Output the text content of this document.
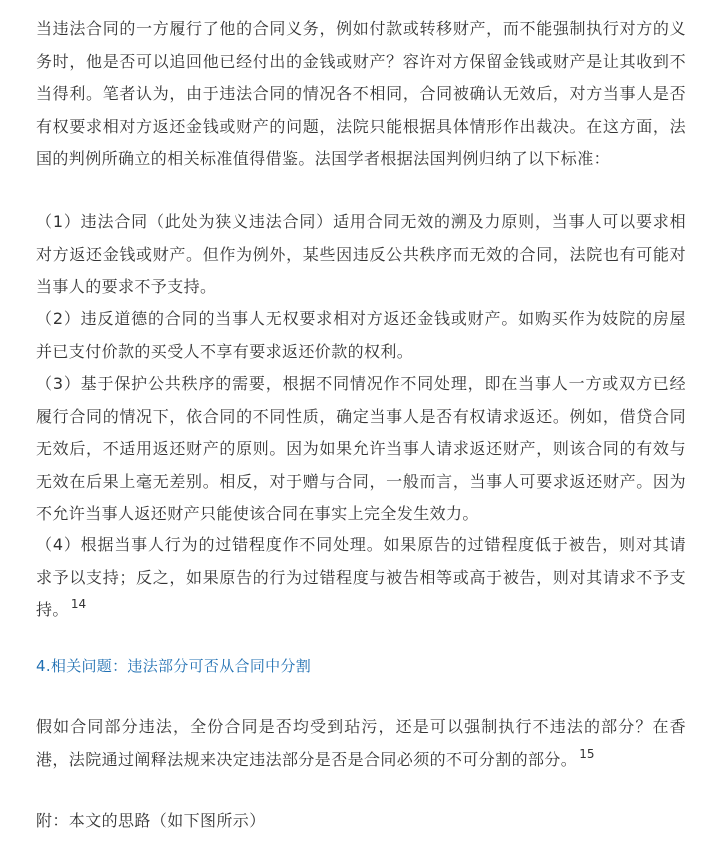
当违法合同的一方履行了他的合同义务，例如付款或转移财产，而不能强制执行对方的义务时，他是否可以追回他已经付出的金钱或财产？容许对方保留金钱或财产是让其收到不当得利。笔者认为，由于违法合同的情况各不相同，合同被确认无效后，对方当事人是否有权要求相对方返还金钱或财产的问题，法院只能根据具体情形作出裁决。在这方面，法国的判例所确立的相关标准值得借鉴。法国学者根据法国判例归纳了以下标准：

（1）违法合同（此处为狭义违法合同）适用合同无效的溯及力原则，当事人可以要求相对方返还金钱或财产。但作为例外，某些因违反公共秩序而无效的合同，法院也有可能对当事人的要求不予支持。

（2）违反道德的合同的当事人无权要求相对方返还金钱或财产。如购买作为妓院的房屋并已支付价款的买受人不享有要求返还价款的权利。

（3）基于保护公共秩序的需要，根据不同情况作不同处理，即在当事人一方或双方已经履行合同的情况下，依合同的不同性质，确定当事人是否有权请求返还。例如，借贷合同无效后，不适用返还财产的原则。因为如果允许当事人请求返还财产，则该合同的有效与无效在后果上毫无差别。相反，对于赠与合同，一般而言，当事人可要求返还财产。因为不允许当事人返还财产只能使该合同在事实上完全发生效力。

（4）根据当事人行为的过错程度作不同处理。如果原告的过错程度低于被告，则对其请求予以支持；反之，如果原告的行为过错程度与被告相等或高于被告，则对其请求不予支持。 $^{14}$

4.相关问题：违法部分可否从合同中分割

假如合同部分违法，全份合同是否均受到玷污，还是可以强制执行不违法的部分？在香港，法院通过阐释法规来决定违法部分是否是合同必须的不可分割的部分。 $^{15}$

附：本文的思路（如下图所示）
